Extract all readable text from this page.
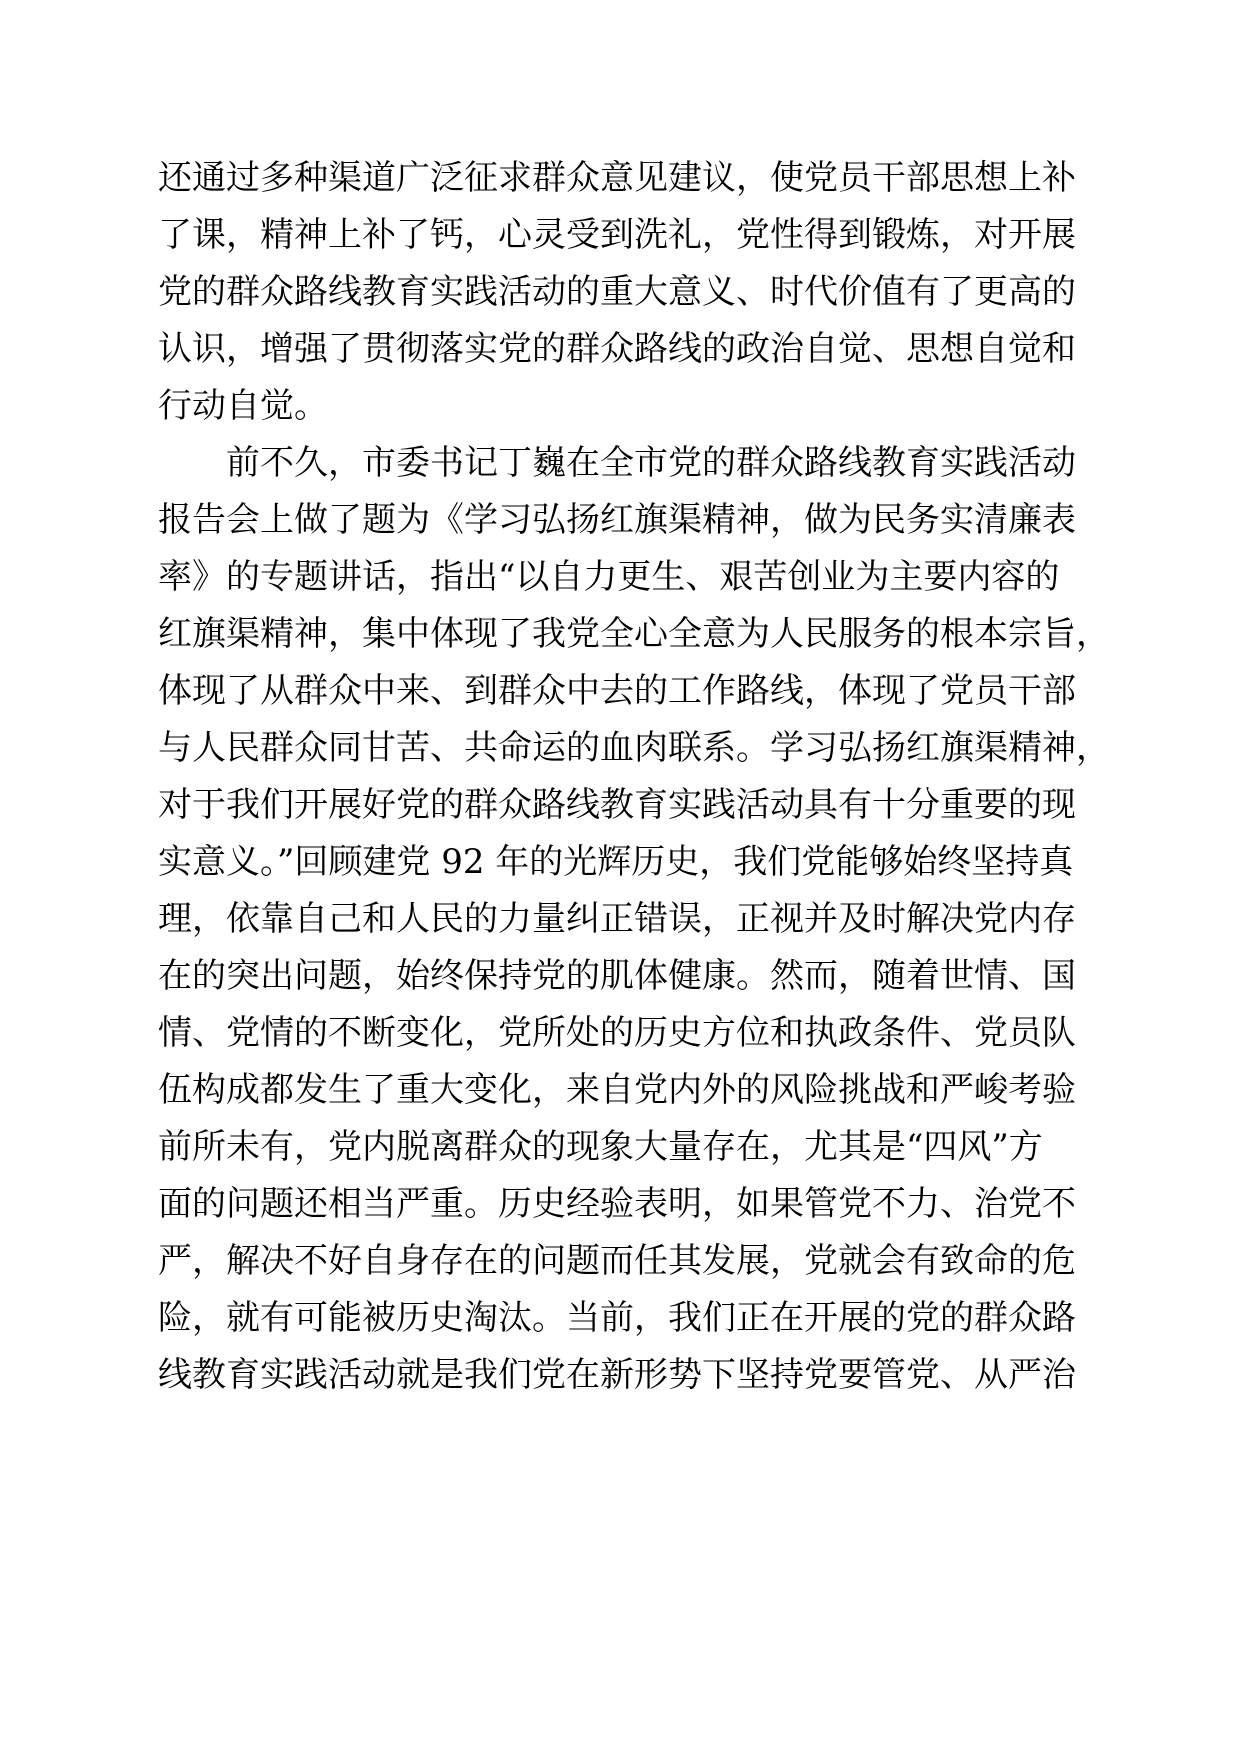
还通过多种渠道广泛征求群众意见建议，使党员干部思想上补

了课，精神上补了钙，心灵受到洗礼，党性得到锻炼，对开展

党的群众路线教育实践活动的重大意义、时代价值有了更高的

认识，增强了贯彻落实党的群众路线的政治自觉、思想自觉和

行动自觉。

前不久，市委书记丁巍在全市党的群众路线教育实践活动

报告会上做了题为《学习弘扬红旗渠精神，做为民务实清廉表

率》的专题讲话，指出“以自力更生、艰苦创业为主要内容的

红旗渠精神，集中体现了我党全心全意为人民服务的根本宗旨，

体现了从群众中来、到群众中去的工作路线，体现了党员干部

与人民群众同甘苦、共命运的血肉联系。学习弘扬红旗渠精神，

对于我们开展好党的群众路线教育实践活动具有十分重要的现

实意义。”回顾建党 92 年的光辉历史，我们党能够始终坚持真

理，依靠自己和人民的力量纠正错误，正视并及时解决党内存

在的突出问题，始终保持党的肌体健康。然而，随着世情、国

情、党情的不断变化，党所处的历史方位和执政条件、党员队

伍构成都发生了重大变化，来自党内外的风险挑战和严峻考验

前所未有，党内脱离群众的现象大量存在，尤其是“四风”方

面的问题还相当严重。历史经验表明，如果管党不力、治党不

严，解决不好自身存在的问题而任其发展，党就会有致命的危

险，就有可能被历史淘汰。当前，我们正在开展的党的群众路

线教育实践活动就是我们党在新形势下坚持党要管党、从严治
